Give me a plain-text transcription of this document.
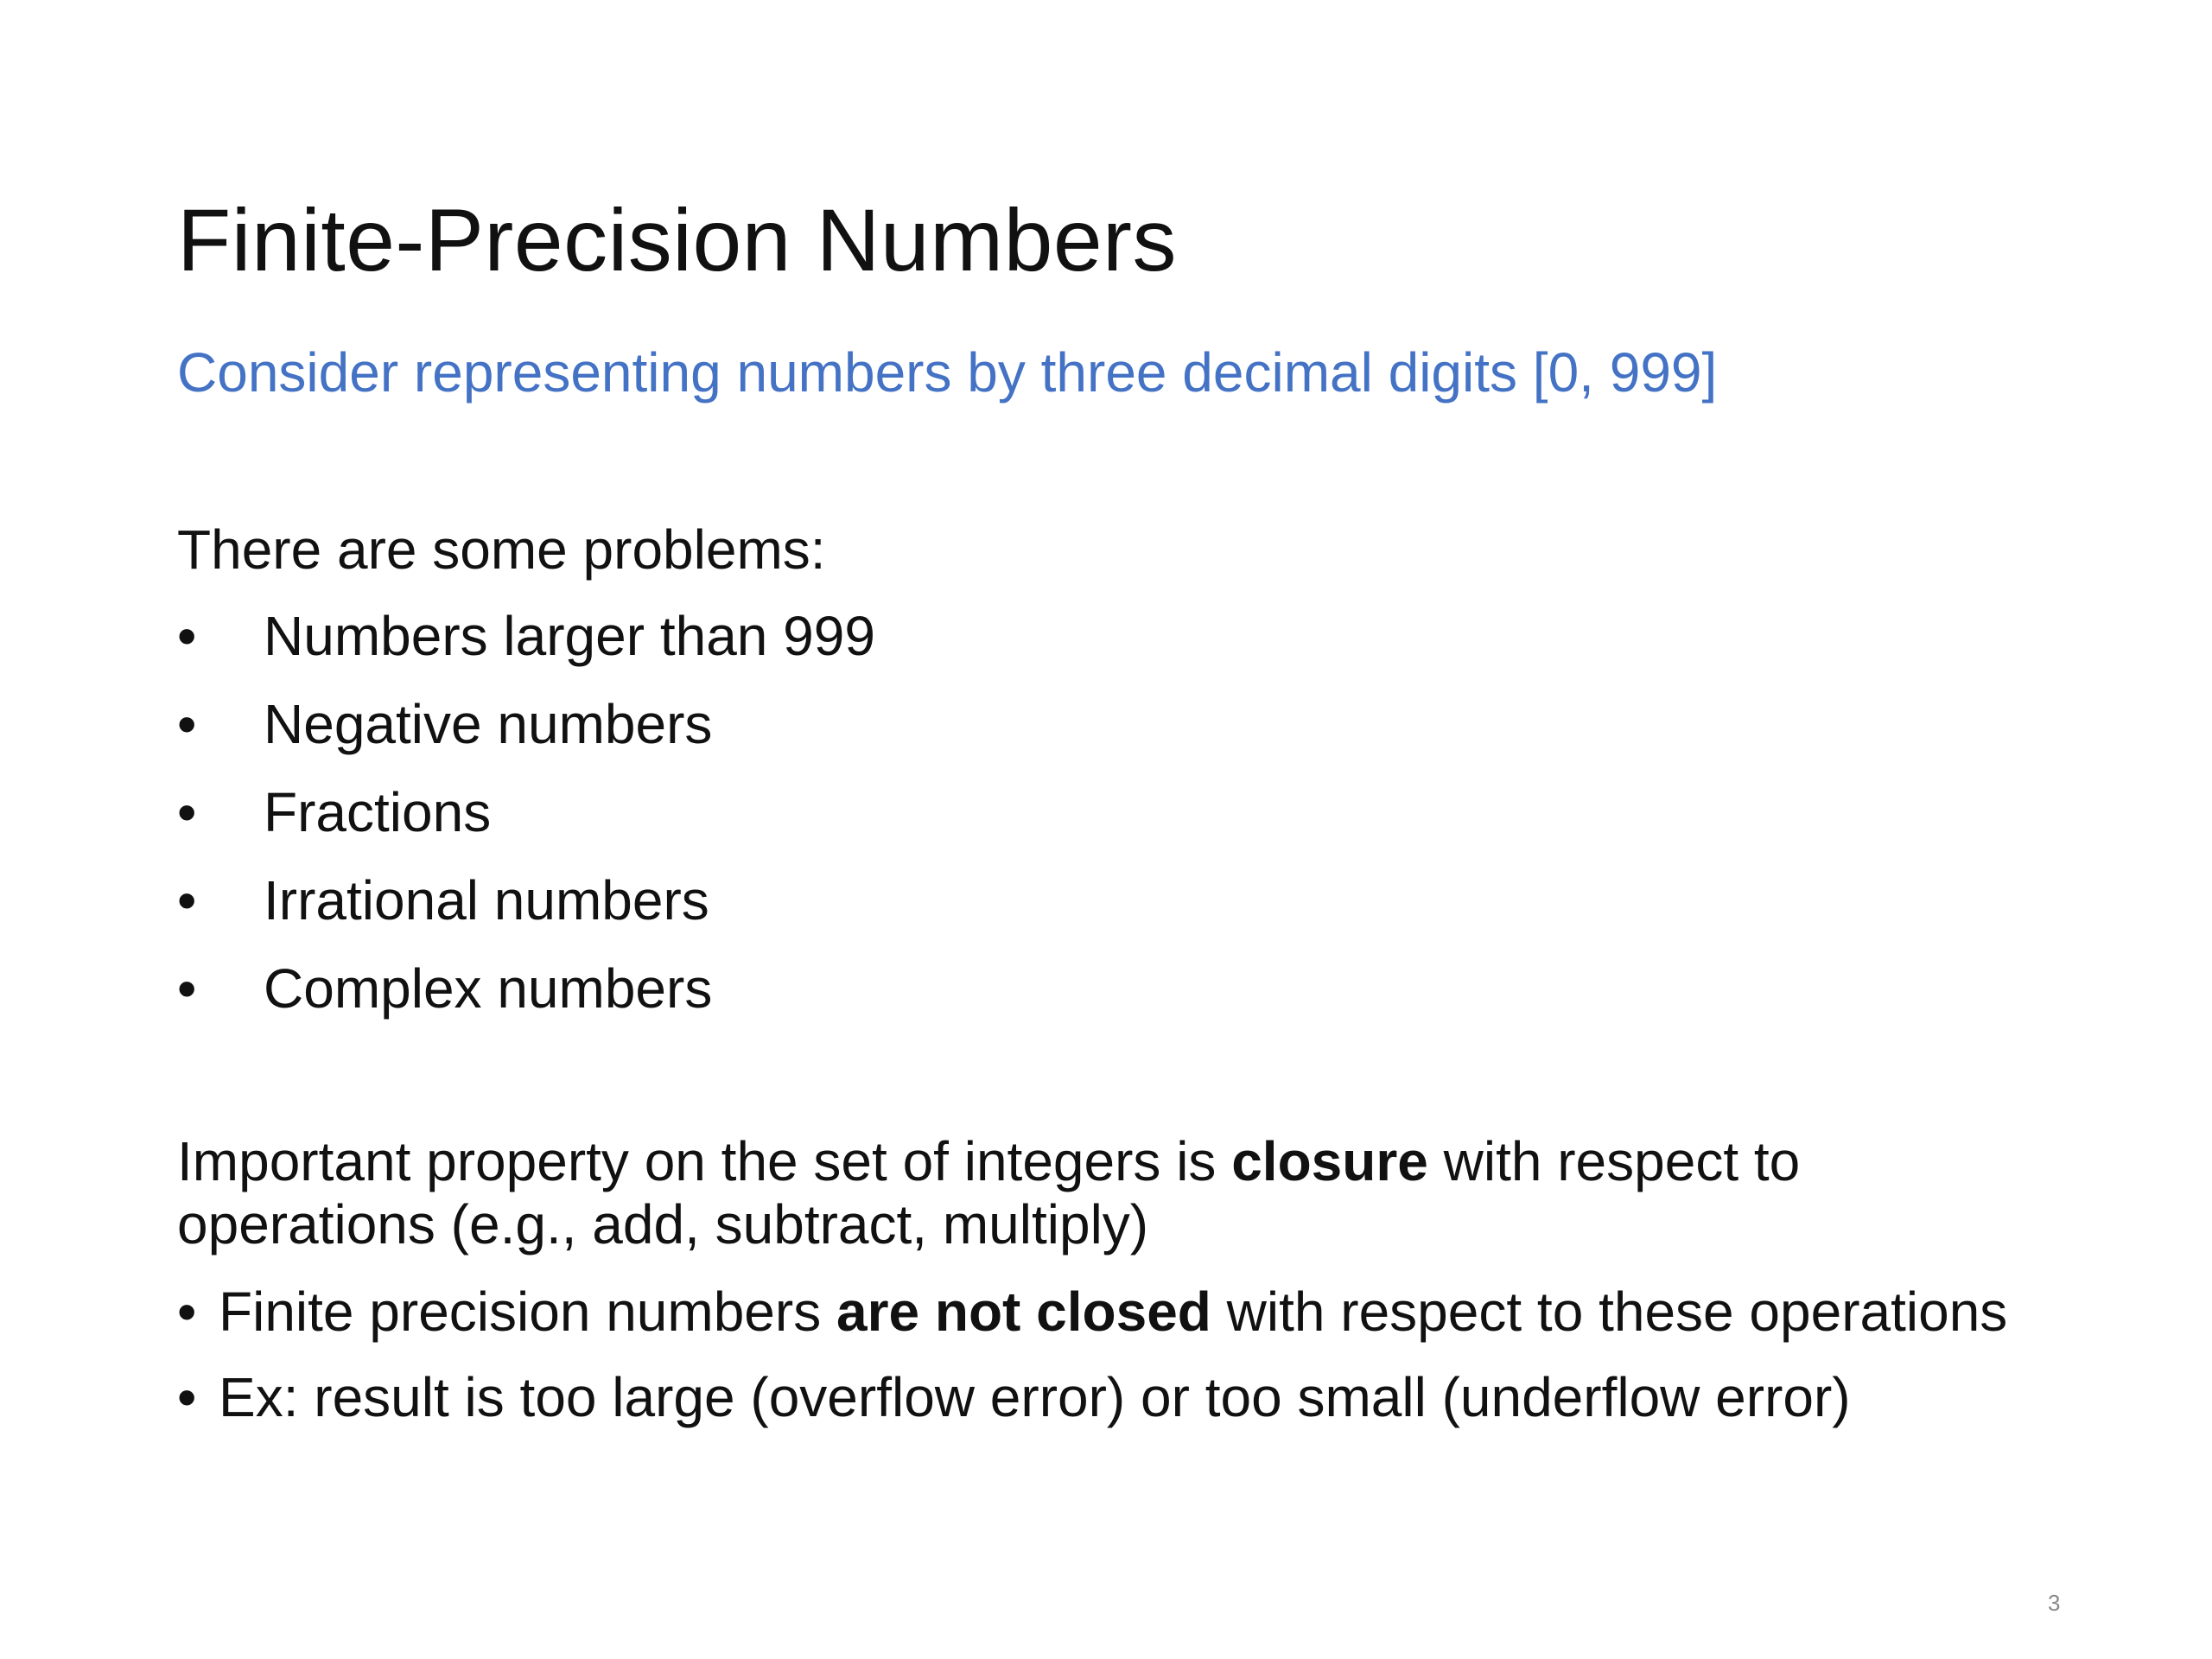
Finite-Precision Numbers

Consider representing numbers by three decimal digits [0, 999]

There are some problems:

• Numbers larger than 999
• Negative numbers
• Fractions
• Irrational numbers
• Complex numbers

Important property on the set of integers is closure with respect to operations (e.g., add, subtract, multiply)

• Finite precision numbers are not closed with respect to these operations
• Ex: result is too large (overflow error) or too small (underflow error)
3
